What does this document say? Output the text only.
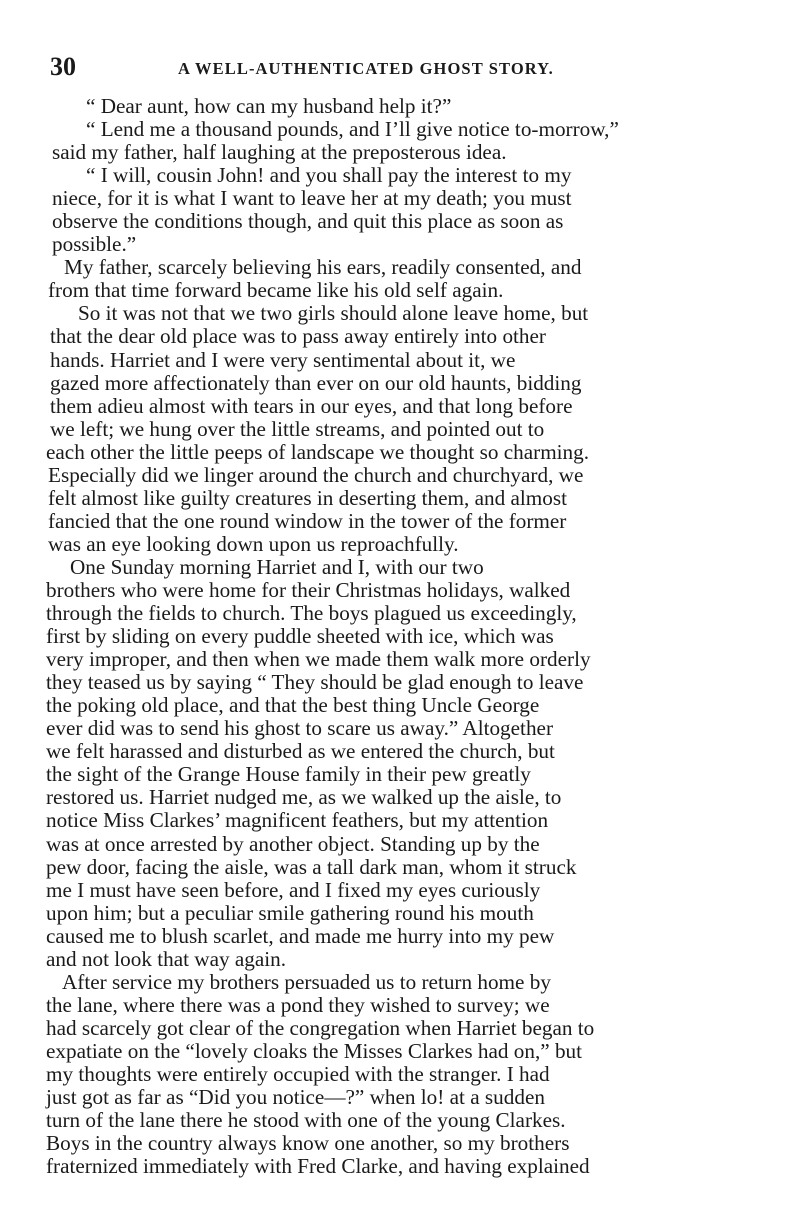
30	A WELL-AUTHENTICATED GHOST STORY.
“ Dear aunt, how can my husband help it?”
“ Lend me a thousand pounds, and I’ll give notice to-morrow,”
said my father, half laughing at the preposterous idea.
“ I will, cousin John! and you shall pay the interest to my
niece, for it is what I want to leave her at my death; you must
observe the conditions though, and quit this place as soon as
possible.”
My father, scarcely believing his ears, readily consented, and
from that time forward became like his old self again.
So it was not that we two girls should alone leave home, but
that the dear old place was to pass away entirely into other
hands. Harriet and I were very sentimental about it, we
gazed more affectionately than ever on our old haunts, bidding
them adieu almost with tears in our eyes, and that long before
we left; we hung over the little streams, and pointed out to
each other the little peeps of landscape we thought so charming.
Especially did we linger around the church and churchyard, we
felt almost like guilty creatures in deserting them, and almost
fancied that the one round window in the tower of the former
was an eye looking down upon us reproachfully.
One Sunday morning Harriet and I, with our two
brothers who were home for their Christmas holidays, walked
through the fields to church. The boys plagued us exceedingly,
first by sliding on every puddle sheeted with ice, which was
very improper, and then when we made them walk more orderly
they teased us by saying “ They should be glad enough to leave
the poking old place, and that the best thing Uncle George
ever did was to send his ghost to scare us away.” Altogether
we felt harassed and disturbed as we entered the church, but
the sight of the Grange House family in their pew greatly
restored us. Harriet nudged me, as we walked up the aisle, to
notice Miss Clarkes’ magnificent feathers, but my attention
was at once arrested by another object. Standing up by the
pew door, facing the aisle, was a tall dark man, whom it struck
me I must have seen before, and I fixed my eyes curiously
upon him; but a peculiar smile gathering round his mouth
caused me to blush scarlet, and made me hurry into my pew
and not look that way again.
After service my brothers persuaded us to return home by
the lane, where there was a pond they wished to survey; we
had scarcely got clear of the congregation when Harriet began to
expatiate on the “lovely cloaks the Misses Clarkes had on,” but
my thoughts were entirely occupied with the stranger. I had
just got as far as “Did you notice—?” when lo! at a sudden
turn of the lane there he stood with one of the young Clarkes.
Boys in the country always know one another, so my brothers
fraternized immediately with Fred Clarke, and having explained
